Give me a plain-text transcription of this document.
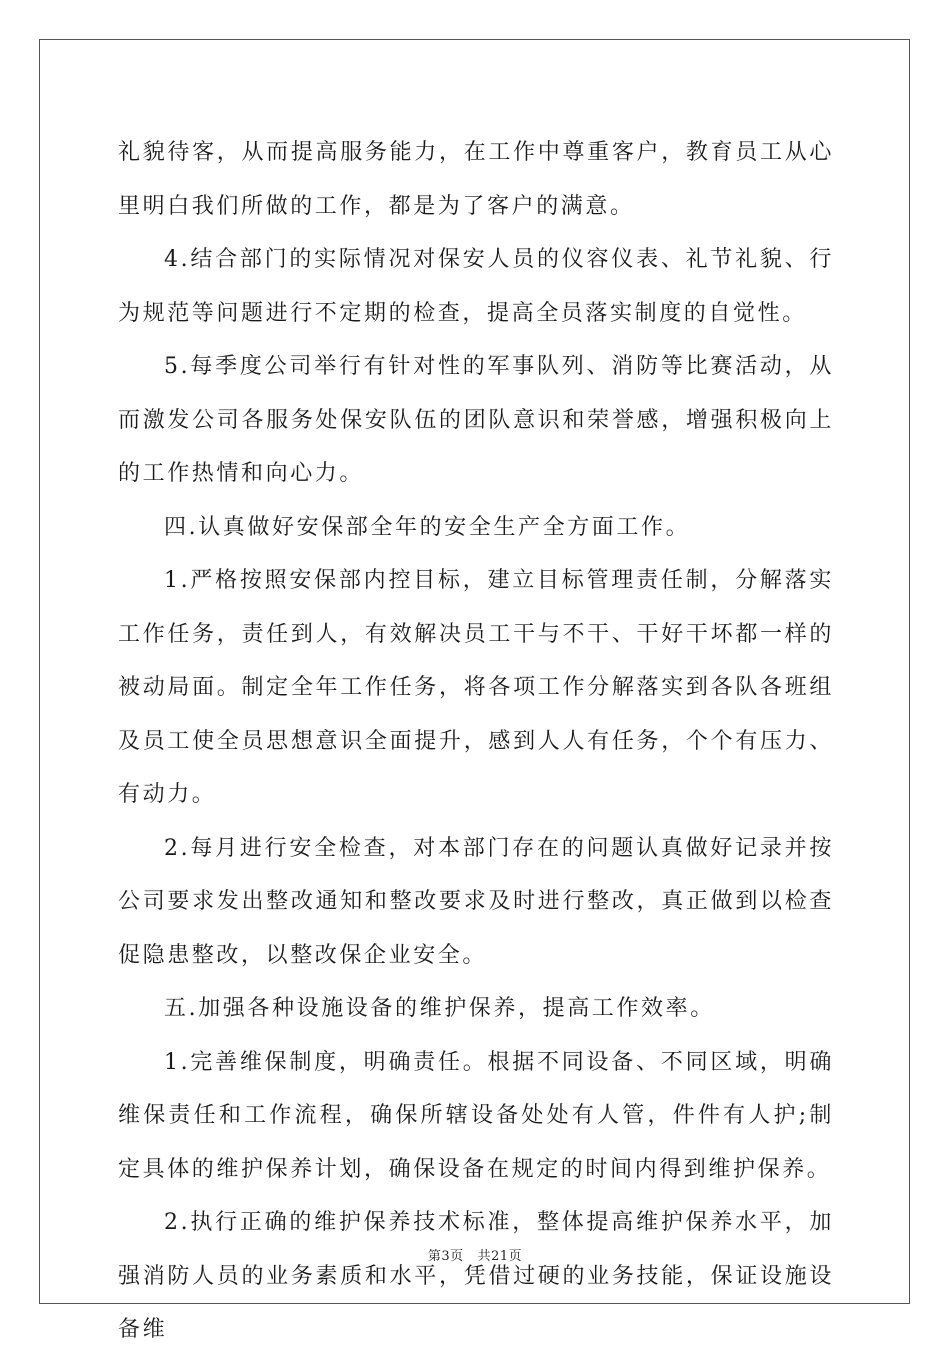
礼貌待客，从而提高服务能力，在工作中尊重客户，教育员工从心里明白我们所做的工作，都是为了客户的满意。

4.结合部门的实际情况对保安人员的仪容仪表、礼节礼貌、行为规范等问题进行不定期的检查，提高全员落实制度的自觉性。

5.每季度公司举行有针对性的军事队列、消防等比赛活动，从而激发公司各服务处保安队伍的团队意识和荣誉感，增强积极向上的工作热情和向心力。

四.认真做好安保部全年的安全生产全方面工作。

1.严格按照安保部内控目标，建立目标管理责任制，分解落实工作任务，责任到人，有效解决员工干与不干、干好干坏都一样的被动局面。制定全年工作任务，将各项工作分解落实到各队各班组及员工使全员思想意识全面提升，感到人人有任务，个个有压力、有动力。

2.每月进行安全检查，对本部门存在的问题认真做好记录并按公司要求发出整改通知和整改要求及时进行整改，真正做到以检查促隐患整改，以整改保企业安全。

五.加强各种设施设备的维护保养，提高工作效率。

1.完善维保制度，明确责任。根据不同设备、不同区域，明确维保责任和工作流程，确保所辖设备处处有人管，件件有人护;制定具体的维护保养计划，确保设备在规定的时间内得到维护保养。

2.执行正确的维护保养技术标准，整体提高维护保养水平，加强消防人员的业务素质和水平，凭借过硬的业务技能，保证设施设备维

第3页 共21页
